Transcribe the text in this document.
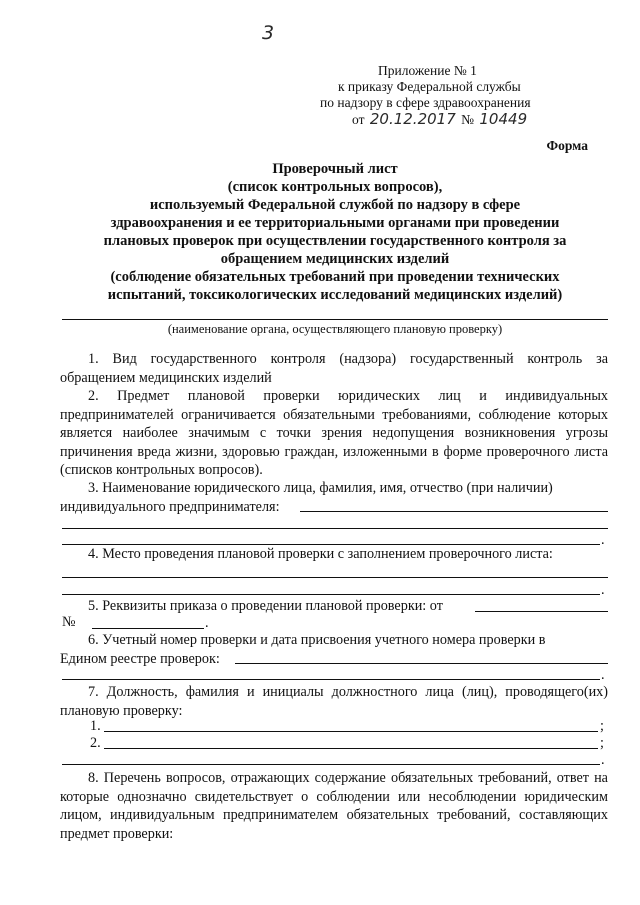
3
Приложение № 1
к приказу Федеральной службы
по надзору в сфере здравоохранения
от 20.12.2017 № 10449
Форма
Проверочный лист
(список контрольных вопросов),
используемый Федеральной службой по надзору в сфере
здравоохранения и ее территориальными органами при проведении
плановых проверок при осуществлении государственного контроля за
обращением медицинских изделий
(соблюдение обязательных требований при проведении технических
испытаний, токсикологических исследований медицинских изделий)
(наименование органа, осуществляющего плановую проверку)
1. Вид государственного контроля (надзора) государственный контроль за обращением медицинских изделий
2. Предмет плановой проверки юридических лиц и индивидуальных предпринимателей ограничивается обязательными требованиями, соблюдение которых является наиболее значимым с точки зрения недопущения возникновения угрозы причинения вреда жизни, здоровью граждан, изложенными в форме проверочного листа (списков контрольных вопросов).
3. Наименование юридического лица, фамилия, имя, отчество (при наличии)
индивидуального предпринимателя:
.
4. Место проведения плановой проверки с заполнением проверочного листа:
.
5. Реквизиты приказа о проведении плановой проверки: от
№	.
6. Учетный номер проверки и дата присвоения учетного номера проверки в
Едином реестре проверок:
.
7. Должность, фамилия и инициалы должностного лица (лиц), проводящего(их) плановую проверку:
1.	;
2.	;
.
8. Перечень вопросов, отражающих содержание обязательных требований, ответ на которые однозначно свидетельствует о соблюдении или несоблюдении юридическим лицом, индивидуальным предпринимателем обязательных требований, составляющих предмет проверки:
